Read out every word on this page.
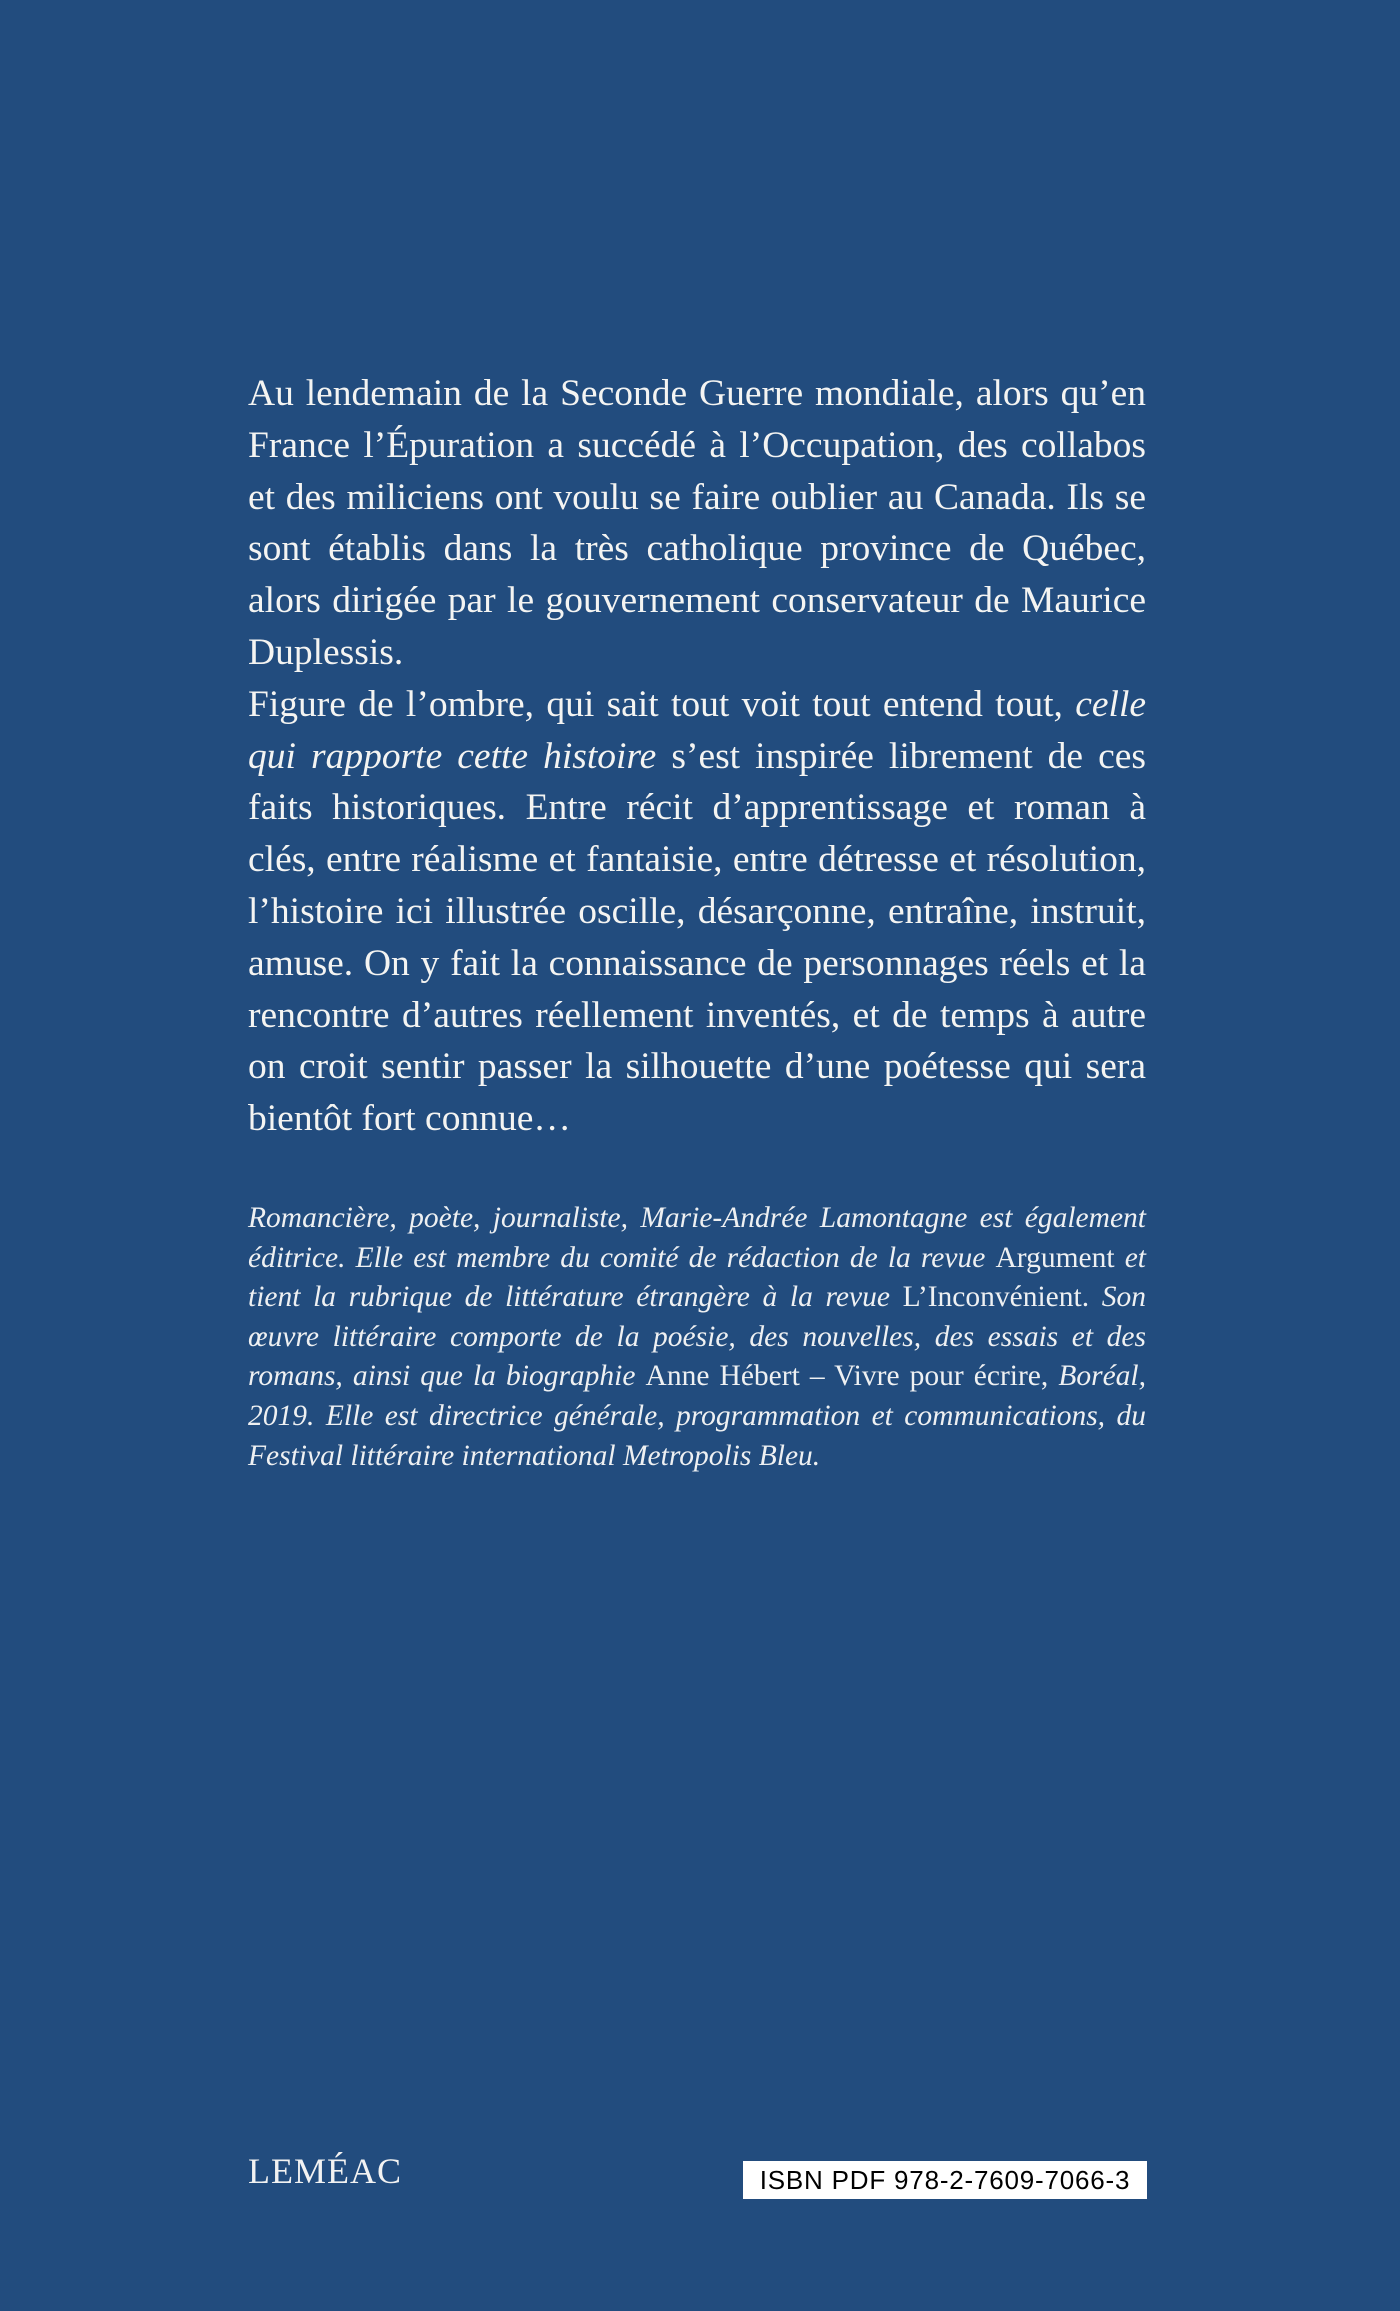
Au lendemain de la Seconde Guerre mondiale, alors qu’en France l’Épuration a succédé à l’Occupation, des collabos et des miliciens ont voulu se faire oublier au Canada. Ils se sont établis dans la très catholique province de Québec, alors dirigée par le gouvernement conservateur de Maurice Duplessis.

Figure de l’ombre, qui sait tout voit tout entend tout, celle qui rapporte cette histoire s’est inspirée librement de ces faits historiques. Entre récit d’apprentissage et roman à clés, entre réalisme et fantaisie, entre détresse et résolution, l’histoire ici illustrée oscille, désarçonne, entraîne, instruit, amuse. On y fait la connaissance de personnages réels et la rencontre d’autres réellement inventés, et de temps à autre on croit sentir passer la silhouette d’une poétesse qui sera bientôt fort connue…

Romancière, poète, journaliste, Marie-Andrée Lamontagne est également éditrice. Elle est membre du comité de rédaction de la revue Argument et tient la rubrique de littérature étrangère à la revue L’Inconvénient. Son œuvre littéraire comporte de la poésie, des nouvelles, des essais et des romans, ainsi que la biographie Anne Hébert – Vivre pour écrire, Boréal, 2019. Elle est directrice générale, programmation et communications, du Festival littéraire international Metropolis Bleu.
LEMÉAC	ISBN PDF 978-2-7609-7066-3
